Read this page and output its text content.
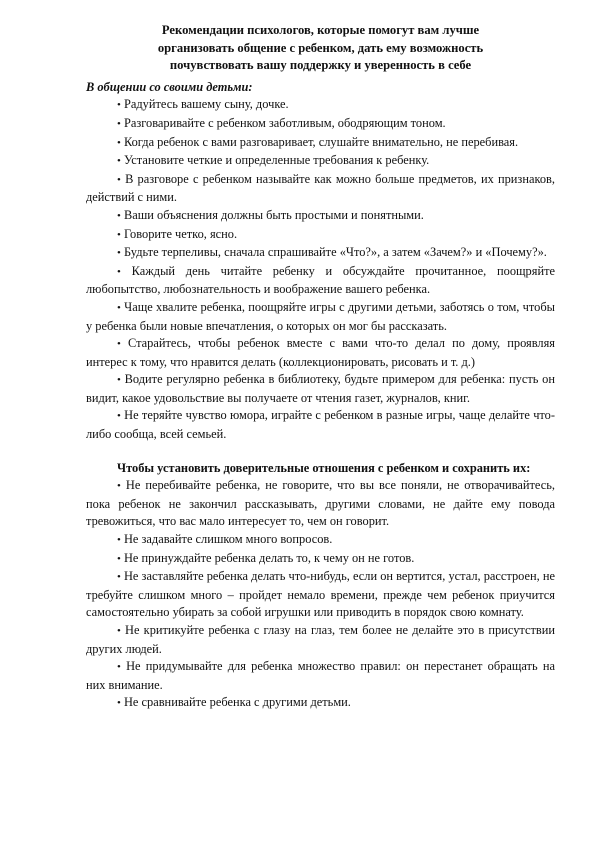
Рекомендации психологов, которые помогут вам лучше
организовать общение с ребенком, дать ему возможность
почувствовать вашу поддержку и уверенность в себе

В общении со своими детьми:

• Радуйтесь вашему сыну, дочке.

• Разговаривайте с ребенком заботливым, ободряющим тоном.

• Когда ребенок с вами разговаривает, слушайте внимательно, не перебивая.

• Установите четкие и определенные требования к ребенку.

• В разговоре с ребенком называйте как можно больше предметов, их признаков, действий с ними.

• Ваши объяснения должны быть простыми и понятными.

• Говорите четко, ясно.

• Будьте терпеливы, сначала спрашивайте «Что?», а затем «Зачем?» и «Почему?».

• Каждый день читайте ребенку и обсуждайте прочитанное, поощряйте любопытство, любознательность и воображение вашего ребенка.

• Чаще хвалите ребенка, поощряйте игры с другими детьми, заботясь о том, чтобы у ребенка были новые впечатления, о которых он мог бы рассказать.

• Старайтесь, чтобы ребенок вместе с вами что-то делал по дому, проявляя интерес к тому, что нравится делать (коллекционировать, рисовать и т. д.)

• Водите регулярно ребенка в библиотеку, будьте примером для ребенка: пусть он видит, какое удовольствие вы получаете от чтения газет, журналов, книг.

• Не теряйте чувство юмора, играйте с ребенком в разные игры, чаще делайте что-либо сообща, всей семьей.

Чтобы установить доверительные отношения с ребенком и сохранить их:

• Не перебивайте ребенка, не говорите, что вы все поняли, не отворачивайтесь, пока ребенок не закончил рассказывать, другими словами, не дайте ему повода тревожиться, что вас мало интересует то, чем он говорит.

• Не задавайте слишком много вопросов.

• Не принуждайте ребенка делать то, к чему он не готов.

• Не заставляйте ребенка делать что-нибудь, если он вертится, устал, расстроен, не требуйте слишком много – пройдет немало времени, прежде чем ребенок приучится самостоятельно убирать за собой игрушки или приводить в порядок свою комнату.

• Не критикуйте ребенка с глазу на глаз, тем более не делайте это в присутствии других людей.

• Не придумывайте для ребенка множество правил: он перестанет обращать на них внимание.

• Не сравнивайте ребенка с другими детьми.
